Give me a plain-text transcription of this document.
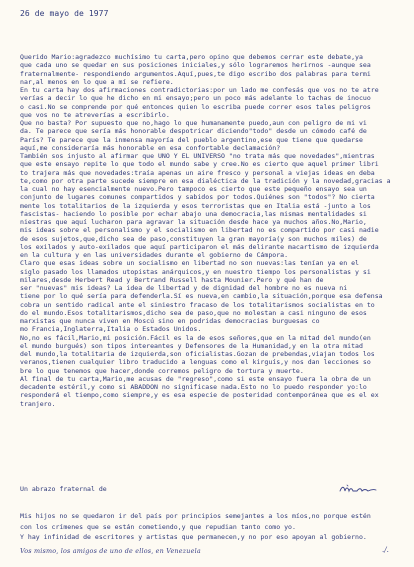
26 de mayo de 1977
Querido Mario:agradezco muchísimo tu carta,pero opino que debemos cerrar este debate,ya
que cada uno se quedar en sus posiciones iniciales,y sólo lograremos herirnos -aunque sea
fraternalmente- respondiendo argumentos.Aquí,pues,te digo escribo dos palabras para termi
nar,al menos en lo que a mí se refiere.
En tu carta hay dos afirmaciones contradictorias:por un lado me confesás que vos no te atre
verías a decir lo que he dicho en mi ensayo;pero un poco más adelante lo tachas de inocuo
o casi.No se comprende por qué entonces quien lo escriba puede correr esos tales peligros
que vos no te atreverías a escribirlo.
Que no basta? Por supuesto que no,hago lo que humanamente puedo,aun con peligro de mi vi
da. Te parece que sería más honorable despotricar diciendo"todo" desde un cómodo café de
París? Te parece que la inmensa mayoría del pueblo argentino,ese que tiene que quedarse
aquí,me consideraría más honorable en esa confortable declamación?
También sos injusto al afirmar que UNO Y EL UNIVERSO "no trata más que novedades",mientras
que este ensayo repite lo que todo el mundo sabe y cree.No es cierto que aquel primer libri
to trajera más que novedades:traía apenas un aire fresco y personal a viejas ideas en deba
te,como por otra parte sucede siempre en esa dialéctica de la tradición y la novedad,gracias a
la cual no hay esencialmente nuevo.Pero tampoco es cierto que este pequeño ensayo sea un
conjunto de lugares comunes compartidos y sabidos por todos.Quiénes son "todos"? No cierta
mente los totalitarios de la izquierda y esos terroristas que en Italia está -junto a los
fascistas- haciendo lo posible por echar abajo una democracia,las mismas mentalidades si
niestras que aquí lucharon para agravar la situación desde hace ya muchos años.No,Mario,
mis ideas sobre el personalismo y el socialismo en libertad no es compartido por casi nadie
de esos sujetos,que,dicho sea de paso,constituyen la gran mayoría(y son muchos miles) de
los exilados y auto-exilados que aquí participaron el más delirante macartismo de izquierda
en la cultura y en las universidades durante el gobierno de Cámpora.
Claro que esas ideas sobre un socialismo en libertad no son nuevas:las tenían ya en el
siglo pasado los llamados utopistas anárquicos,y en nuestro tiempo los personalistas y si
milares,desde Herbert Read y Bertrand Russell hasta Mounier.Pero y qué han de
ser "nuevas" mis ideas? La idea de libertad y de dignidad del hombre no es nueva ni
tiene por lo qué sería para defenderla.Sí es nueva,en cambio,la situación,porque esa defensa
cobra un sentido radical ante el siniestro fracaso de los totalitarismos socialistas en to
do el mundo.Esos totalitarismos,dicho sea de paso,que no molestan a casi ninguno de esos
marxistas que nunca viven en Moscú sino en podridas democracias burguesas co
mo Francia,Inglaterra,Italia o Estados Unidos.
No,no es fácil,Mario,mi posición.Fácil es la de esos señores,que en la mitad del mundo(en
el mundo burgués) son tipos intereantes y Defensores de la Humanidad,y en la otra mitad
del mundo,la totalitaria de izquierda,son oficialistas.Gozan de prebendas,viajan todos los
veranos,tienen cualquier libro traducido a lenguas como el kirguís,y nos dan lecciones so
bre lo que tenemos que hacer,donde corremos peligro de tortura y muerte.
Al final de tu carta,Mario,me acusas de "regreso",como si este ensayo fuera la obra de un
decadente estéril,y como si ABADDON no significase nada.Esto no lo puedo responder yo:lo
responderá el tiempo,como siempre,y es esa especie de posteridad contemporánea que es el ex
tranjero.
Un abrazo fraternal de
Mis hijos no se quedaron ir del país por principios semejantes a los míos,no porque estén
con los crímenes que se están cometiendo,y que repudian tanto como yo.
Y hay infinidad de escritores y artistas que permanecen,y no por eso apoyan al gobierno.
Vos mismo, los amigos de uno de ellos, en Venezuela	./.
